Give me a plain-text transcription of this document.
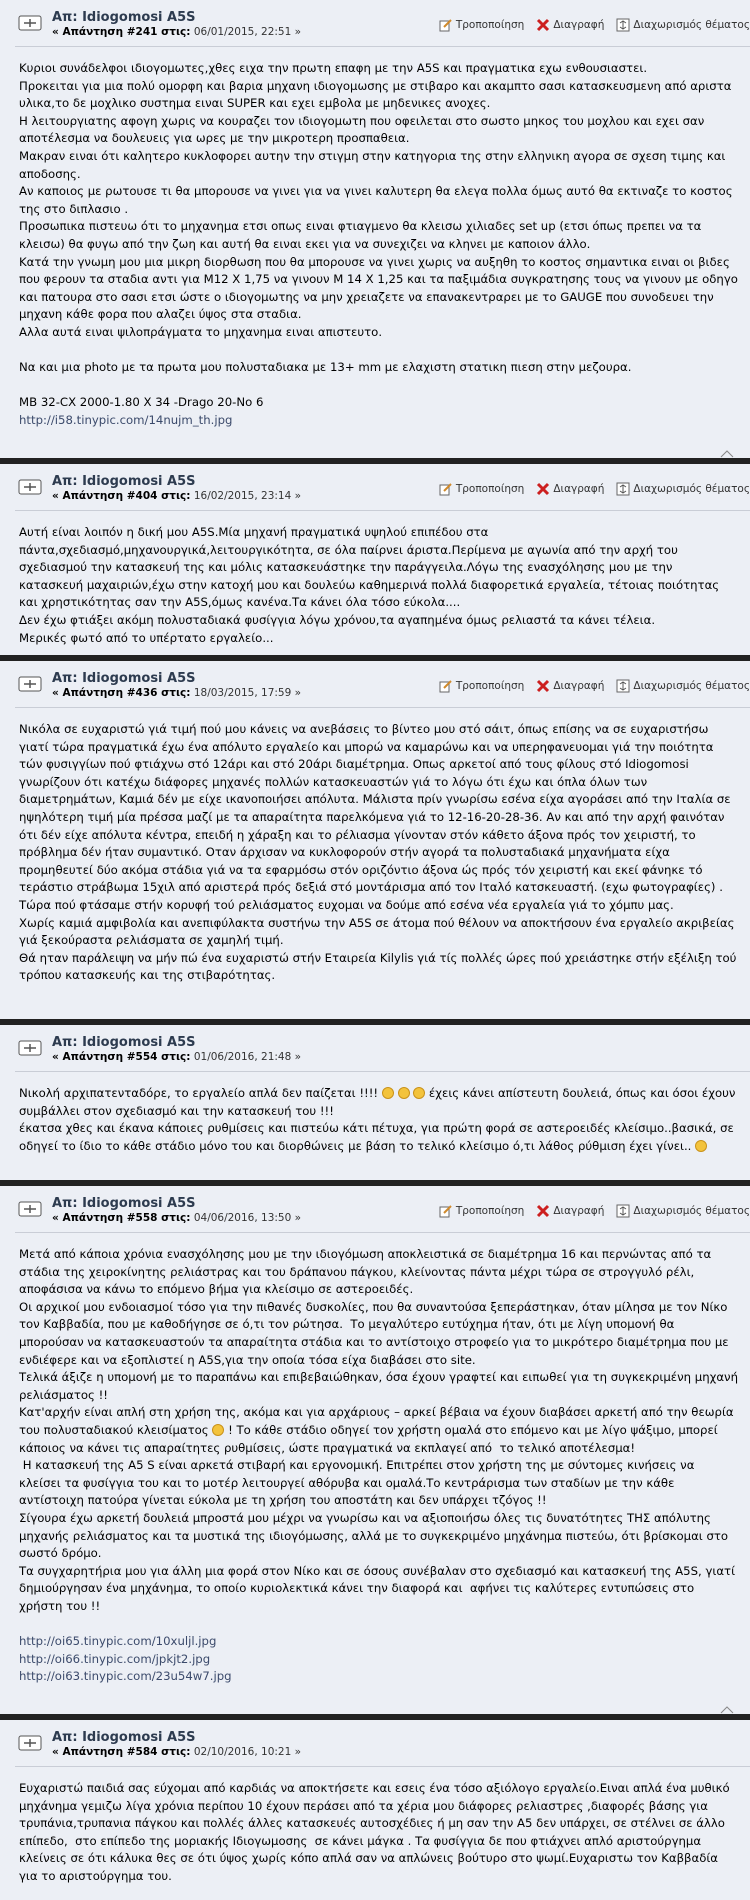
Απ: Idiogomosi A5S
« Απάντηση #241 στις: 06/01/2015, 22:51 »
Τροποποίηση	Διαγραφή	Διαχωρισμός θέματος
Κυριοι συνάδελφοι ιδιογομωτες,χθες ειχα την πρωτη επαφη με την Α5S και πραγματικα εχω ενθουσιαστει.
Προκειται για μια πολύ ομορφη και βαρια μηχανη ιδιογομωσης με στιβαρο και ακαμπτο σασι κατασκευσμενη από αριστα υλικα,το δε μοχλικο συστημα ειναι SUPER και εχει εμβολα με μηδενικες ανοχες.
Η λειτουργιατης αφογη χωρις να κουραζει τον ιδιογομωτη που οφειλεται στο σωστο μηκος του μοχλου και εχει σαν αποτέλεσμα να δουλευεις για ωρες με την μικροτερη προσπαθεια.
Μακραν ειναι ότι καλητερο κυκλοφορει αυτην την στιγμη στην κατηγορια της στην ελληνικη αγορα σε σχεση τιμης και αποδοσης.
Αν καποιος με ρωτουσε τι θα μπορουσε να γινει για να γινει καλυτερη θα ελεγα πολλα όμως αυτό θα εκτιναζε το κοστος της στο διπλασιο .
Προσωπικα πιστευω ότι το μηχανημα ετσι οπως ειναι φτιαγμενο θα κλεισω χιλιαδες set up (ετσι όπως πρεπει να τα κλεισω) θα φυγω από την ζωη και αυτή θα ειναι εκει για να συνεχιζει να κληνει με καποιον άλλο.
Κατά την γνωμη μου μια μικρη διορθωση που θα μπορουσε να γινει χωρις να αυξηθη το κοστος σημαντικα ειναι οι βιδες που φερουν τα σταδια αντι για M12 X 1,75 να γινουν M 14 X 1,25 και τα παξιμάδια συγκρατησης τους να γινουν με οδηγο και πατουρα στο σασι ετσι ώστε ο ιδιογομωτης να μην χρειαζετε να επανακεντραρει με το GAUGE που συνοδευει την μηχανη κάθε φορα που αλαζει ύψος στα σταδια.
Αλλα αυτά ειναι ψιλοπράγματα το μηχανημα ειναι απιστευτο.

Να και μια photo με τα πρωτα μου πολυσταδιακα με 13+ mm με ελαχιστη στατικη πιεση στην μεζουρα.

MB 32-CX 2000-1.80 X 34 -Drago 20-No 6
http://i58.tinypic.com/14nujm_th.jpg
Απ: Idiogomosi A5S
« Απάντηση #404 στις: 16/02/2015, 23:14 »
Τροποποίηση	Διαγραφή	Διαχωρισμός θέματος
Αυτή είναι λοιπόν η δική μου Α5S.Μία μηχανή πραγματικά υψηλού επιπέδου στα πάντα,σχεδιασμό,μηχανουργικά,λειτουργικότητα, σε όλα παίρνει άριστα.Περίμενα με αγωνία από την αρχή του σχεδιασμού την κατασκευή της και μόλις κατασκευάστηκε την παράγγειλα.Λόγω της ενασχόλησης μου με την κατασκευή μαχαιριών,έχω στην κατοχή μου και δουλεύω καθημερινά πολλά διαφορετικά εργαλεία, τέτοιας ποιότητας και χρηστικότητας σαν την Α5S,όμως κανένα.Τα κάνει όλα τόσο εύκολα....
Δεν έχω φτιάξει ακόμη πολυσταδιακά φυσίγγια λόγω χρόνου,τα αγαπημένα όμως ρελιαστά τα κάνει τέλεια.
Μερικές φωτό από το υπέρτατο εργαλείο...
Απ: Idiogomosi A5S
« Απάντηση #436 στις: 18/03/2015, 17:59 »
Τροποποίηση	Διαγραφή	Διαχωρισμός θέματος
Νικόλα σε ευχαριστώ γιά τιμή πού μου κάνεις να ανεβάσεις το βίντεο μου στό σάιτ, όπως επίσης να σε ευχαριστήσω γιατί τώρα πραγματικά έχω ένα απόλυτο εργαλείο και μπορώ να καμαρώνω και να υπερηφανευομαι γιά την ποιότητα τών φυσιγγίων πού φτιάχνω στό 12άρι και στό 20άρι διαμέτρημα. Οπως αρκετοί από τους φίλους στό Idiogomosi γνωρίζουν ότι κατέχω διάφορες μηχανές πολλών κατασκευαστών γιά το λόγω ότι έχω και όπλα όλων των διαμετρημάτων, Καμιά δέν με είχε ικανοποιήσει απόλυτα. Μάλιστα πρίν γνωρίσω εσένα είχα αγοράσει από την Ιταλία σε ηψηλότερη τιμή μία πρέσσα μαζί με τα απαραίτητα παρελκόμενα γιά το 12-16-20-28-36. Αν και από την αρχή φαινόταν ότι δέν είχε απόλυτα κέντρα, επειδή η χάραξη και το ρέλιασμα γίνονταν στόν κάθετο άξονα πρός τον χειριστή, το πρόβλημα δέν ήταν συμαντικό. Οταν άρχισαν να κυκλοφορούν στήν αγορά τα πολυσταδιακά μηχανήματα είχα προμηθευτεί δύο ακόμα στάδια γιά να τα εφαρμόσω στόν οριζόντιο άξονα ώς πρός τόν χειριστή και εκεί φάνηκε τό τεράστιο στράβωμα 15χιλ από αριστερά πρός δεξιά στό μοντάρισμα από τον Ιταλό κατσκευαστή. (εχω φωτογραφίες) .
Τώρα πού φτάσαμε στήν κορυφή τού ρελιάσματος ευχομαι να δούμε από εσένα νέα εργαλεία γιά το χόμπυ μας.
Χωρίς καμιά αμφιβολία και ανεπιφύλακτα συστήνω την Α5S σε άτομα πού θέλουν να αποκτήσουν ένα εργαλείο ακριβείας γιά ξεκούραστα ρελιάσματα σε χαμηλή τιμή.
Θά ηταν παράλειψη να μήν πώ ένα ευχαριστώ στήν Εταιρεία Kilylis γιά τίς πολλές ώρες πού χρειάστηκε στήν εξέλιξη τού τρόπου κατασκευής και της στιβαρότητας.
Απ: Idiogomosi A5S
« Απάντηση #554 στις: 01/06/2016, 21:48 »
Νικολή αρχιπατενταδόρε, το εργαλείο απλά δεν παίζεται !!!!	έχεις κάνει απίστευτη δουλειά, όπως και όσοι έχουν συμβάλλει στον σχεδιασμό και την κατασκευή του !!!
έκατσα χθες και έκανα κάποιες ρυθμίσεις και πιστεύω κάτι πέτυχα, για πρώτη φορά σε αστεροειδές κλείσιμο..βασικά, σε οδηγεί το ίδιο το κάθε στάδιο μόνο του και διορθώνεις με βάση το τελικό κλείσιμο ό,τι λάθος ρύθμιση έχει γίνει..
Απ: Idiogomosi A5S
« Απάντηση #558 στις: 04/06/2016, 13:50 »
Τροποποίηση	Διαγραφή	Διαχωρισμός θέματος
Μετά από κάποια χρόνια ενασχόλησης μου με την ιδιογόμωση αποκλειστικά σε διαμέτρημα 16 και περνώντας από τα στάδια της χειροκίνητης ρελιάστρας και του δράπανου πάγκου, κλείνοντας πάντα μέχρι τώρα σε στρογγυλό ρέλι, αποφάσισα να κάνω το επόμενο βήμα για κλείσιμο σε αστεροειδές.
Οι αρχικοί μου ενδοιασμοί τόσο για την πιθανές δυσκολίες, που θα συναντούσα ξεπεράστηκαν, όταν μίλησα με τον Νίκο τον Καββαδία, που με καθοδήγησε σε ό,τι τον ρώτησα.  Το μεγαλύτερο ευτύχημα ήταν, ότι με λίγη υπομονή θα μπορούσαν να κατασκευαστούν τα απαραίτητα στάδια και το αντίστοιχο στροφείο για το μικρότερο διαμέτρημα που με ενδιέφερε και να εξοπλιστεί η A5S,για την οποία τόσα είχα διαβάσει στο site.
Τελικά άξιζε η υπομονή με το παραπάνω και επιβεβαιώθηκαν, όσα έχουν γραφτεί και ειπωθεί για τη συγκεκριμένη μηχανή ρελιάσματος !!
Κατ'αρχήν είναι απλή στη χρήση της, ακόμα και για αρχάριους – αρκεί βέβαια να έχουν διαβάσει αρκετή από την θεωρία του πολυσταδιακού κλεισίματος  ! Το κάθε στάδιο οδηγεί τον χρήστη ομαλά στο επόμενο και με λίγο ψάξιμο, μπορεί κάποιος να κάνει τις απαραίτητες ρυθμίσεις, ώστε πραγματικά να εκπλαγεί από  το τελικό αποτέλεσμα!
Η κατασκευή της A5 S είναι αρκετά στιβαρή και εργονομική. Επιτρέπει στον χρήστη της με σύντομες κινήσεις να κλείσει τα φυσίγγια του και το μοτέρ λειτουργεί αθόρυβα και ομαλά.Το κεντράρισμα των σταδίων με την κάθε αντίστοιχη πατούρα γίνεται εύκολα με τη χρήση του αποστάτη και δεν υπάρχει τζόγος !!
Σίγουρα έχω αρκετή δουλειά μπροστά μου μέχρι να γνωρίσω και να αξιοποιήσω όλες τις δυνατότητες ΤΗΣ απόλυτης μηχανής ρελιάσματος και τα μυστικά της ιδιογόμωσης, αλλά με το συγκεκριμένο μηχάνημα πιστεύω, ότι βρίσκομαι στο σωστό δρόμο.
Τα συγχαρητήρια μου για άλλη μια φορά στον Νίκο και σε όσους συνέβαλαν στο σχεδιασμό και κατασκευή της A5S, γιατί δημιούργησαν ένα μηχάνημα, το οποίο κυριολεκτικά κάνει την διαφορά και  αφήνει τις καλύτερες εντυπώσεις στο χρήστη του !!

http://oi65.tinypic.com/10xuljl.jpg
http://oi66.tinypic.com/jpkjt2.jpg
http://oi63.tinypic.com/23u54w7.jpg
Απ: Idiogomosi A5S
« Απάντηση #584 στις: 02/10/2016, 10:21 »
Ευχαριστώ παιδιά σας εύχομαι από καρδιάς να αποκτήσετε και εσεις ένα τόσο αξιόλογο εργαλείο.Ειναι απλά ένα μυθικό μηχάνημα γεμιζω λίγα χρόνια περίπου 10 έχουν περάσει από τα χέρια μου διάφορες ρελιαστρες ,διαφορές βάσης για τρυπάνια,τρυπανια πάγκου και πολλές άλλες κατασκευές αυτοσχέδιες ή μη σαν την Α5 δεν υπάρχει, σε στέλνει σε άλλο επίπεδο,  στο επίπεδο της μοριακής Ιδιογωμοσης  σε κάνει μάγκα . Τα φυσίγγια δε που φτιάχνει απλό αριστούργημα κλείνεις σε ότι κάλυκα θες σε ότι ύψος χωρίς κόπο απλά σαν να απλώνεις βούτυρο στο ψωμί.Ευχαριστω τον Καββαδία για το αριστούργημα του.
